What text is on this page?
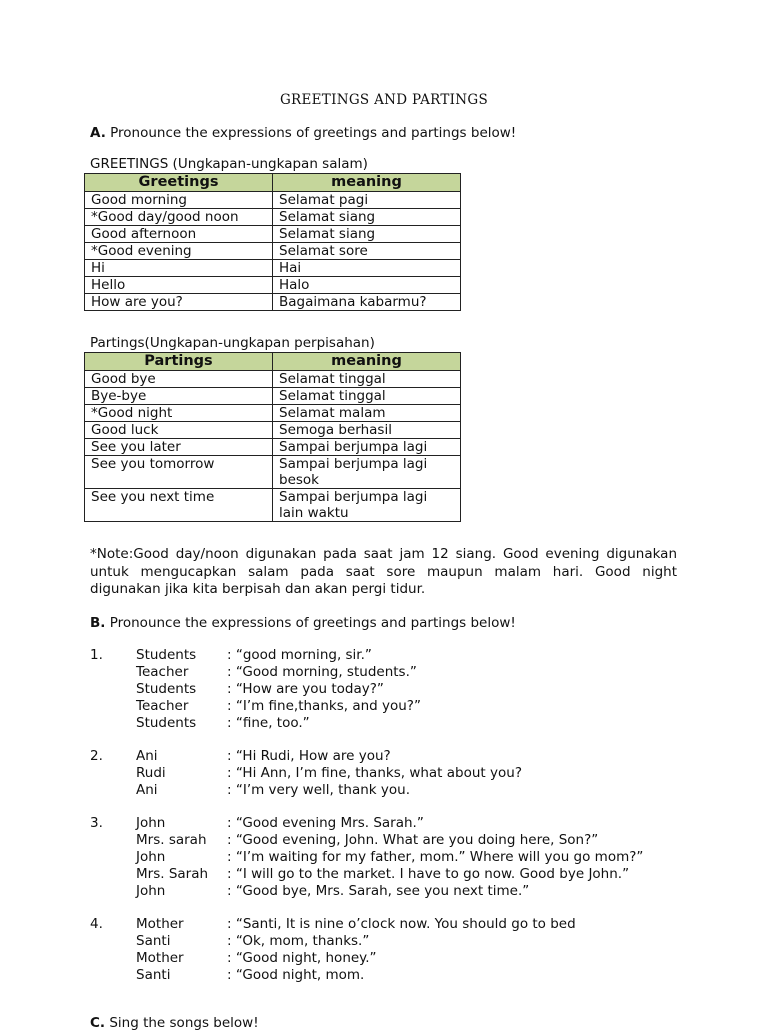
GREETINGS AND PARTINGS
A. Pronounce the expressions of greetings and partings below!
GREETINGS (Ungkapan-ungkapan salam)
Greetings	meaning
Good morning	Selamat pagi
*Good day/good noon	Selamat siang
Good afternoon	Selamat siang
*Good evening	Selamat sore
Hi	Hai
Hello	Halo
How are you?	Bagaimana kabarmu?
Partings(Ungkapan-ungkapan perpisahan)
Partings	meaning
Good bye	Selamat tinggal
Bye-bye	Selamat tinggal
*Good night	Selamat malam
Good luck	Semoga berhasil
See you later	Sampai berjumpa lagi
See you tomorrow	Sampai berjumpa lagi besok
See you next time	Sampai berjumpa lagi lain waktu
*Note:Good day/noon digunakan pada saat jam 12 siang. Good evening digunakan untuk mengucapkan salam pada saat sore maupun malam hari. Good night digunakan jika kita berpisah dan akan pergi tidur.
B. Pronounce the expressions of greetings and partings below!
1. Students : “good morning, sir.”
Teacher	: “Good morning, students.”
Students : “How are you today?”
Teacher	: “I’m fine,thanks, and you?”
Students : “fine, too.”
2. Ani	: “Hi Rudi, How are you?
Rudi	: “Hi Ann, I’m fine, thanks, what about you?
Ani	: “I’m very well, thank you.
3. John	: “Good evening Mrs. Sarah.”
Mrs. sarah : “Good evening, John. What are you doing here, Son?”
John	: “I’m waiting for my father, mom.” Where will you go mom?”
Mrs. Sarah : “I will go to the market. I have to go now. Good bye John.”
John	: “Good bye, Mrs. Sarah, see you next time.”
4. Mother	: “Santi, It is nine o’clock now. You should go to bed
Santi	: “Ok, mom, thanks.”
Mother	: “Good night, honey.”
Santi	: “Good night, mom.
C. Sing the songs below!
